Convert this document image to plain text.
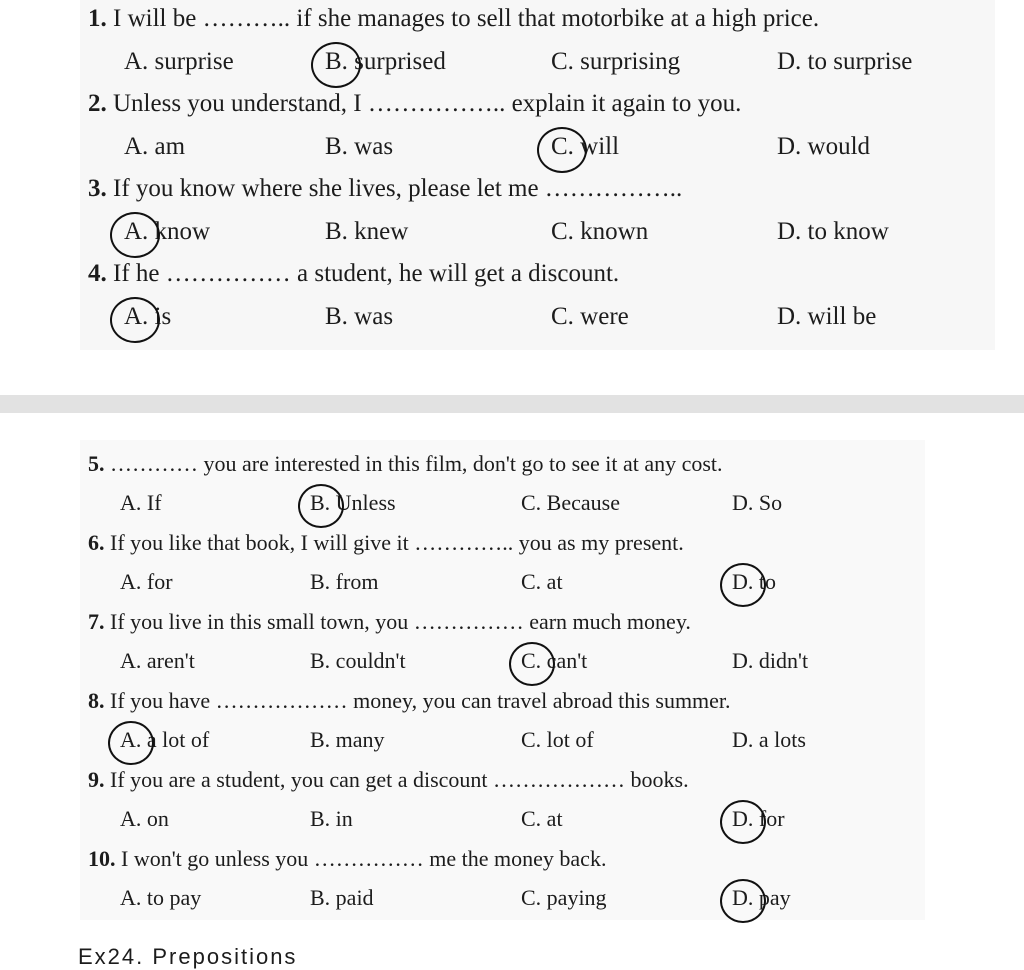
1. I will be ……….. if she manages to sell that motorbike at a high price.
A. surprise	B. surprised	C. surprising	D. to surprise
2. Unless you understand, I …………….. explain it again to you.
A. am	B. was	C. will	D. would
3. If you know where she lives, please let me ……………..
A. know	B. knew	C. known	D. to know
4. If he …………… a student, he will get a discount.
A. is	B. was	C. were	D. will be
5. ………… you are interested in this film, don't go to see it at any cost.
A. If	B. Unless	C. Because	D. So
6. If you like that book, I will give it ………….. you as my present.
A. for	B. from	C. at	D. to
7. If you live in this small town, you …………… earn much money.
A. aren't	B. couldn't	C. can't	D. didn't
8. If you have ……………… money, you can travel abroad this summer.
A. a lot of	B. many	C. lot of	D. a lots
9. If you are a student, you can get a discount ……………… books.
A. on	B. in	C. at	D. for
10. I won't go unless you …………… me the money back.
A. to pay	B. paid	C. paying	D. pay
Ex24. Prepositions
